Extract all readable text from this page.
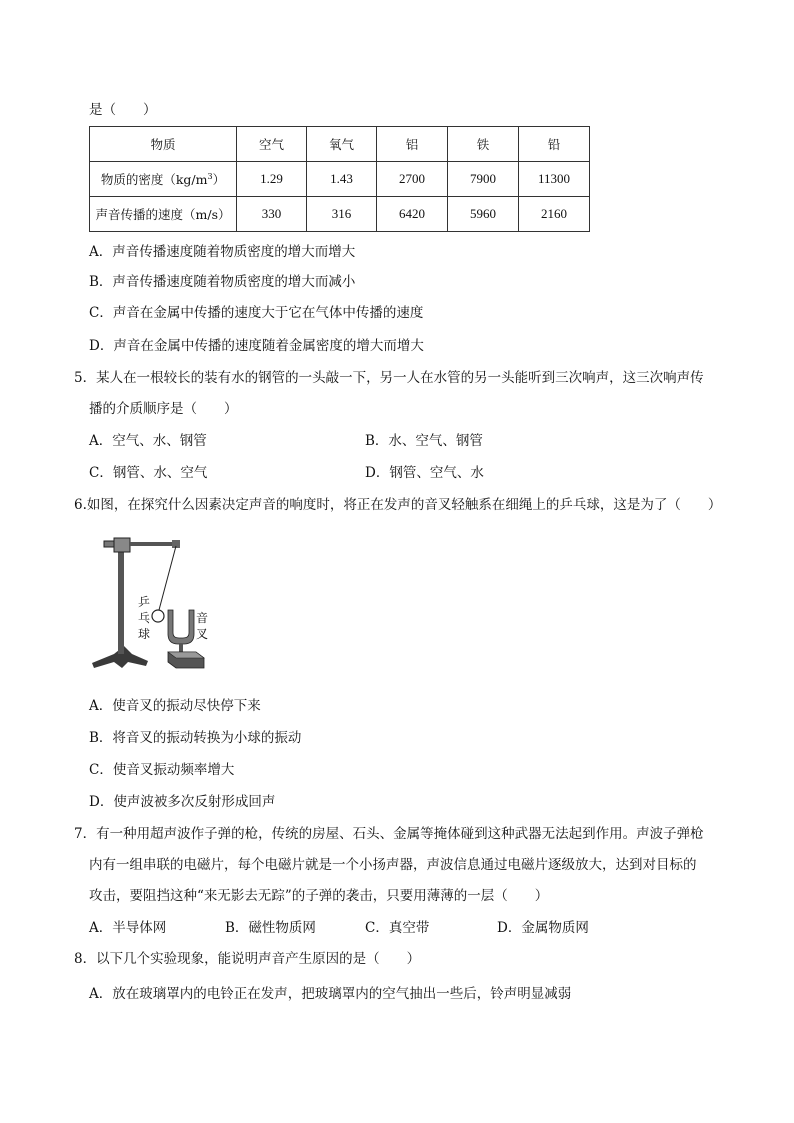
是（　　）
物质	空气	氧气	铝	铁	铅
物质的密度$(kg/m^3)$	1.29	1.43	2700	7900	11300
声音传播的速度（m/s）	330	316	6420	5960	2160
A．声音传播速度随着物质密度的增大而增大
B．声音传播速度随着物质密度的增大而减小
C．声音在金属中传播的速度大于它在气体中传播的速度
D．声音在金属中传播的速度随着金属密度的增大而增大
5．某人在一根较长的装有水的钢管的一头敲一下，另一人在水管的另一头能听到三次响声，这三次响声传
播的介质顺序是（　　）
A．空气、水、钢管	B．水、空气、钢管
C．钢管、水、空气	D．钢管、空气、水
6.如图，在探究什么因素决定声音的响度时，将正在发声的音叉轻触系在细绳上的乒乓球，这是为了（　　）
乒
乓
球
音
叉
A．使音叉的振动尽快停下来
B．将音叉的振动转换为小球的振动
C．使音叉振动频率增大
D．使声波被多次反射形成回声
7．有一种用超声波作子弹的枪，传统的房屋、石头、金属等掩体碰到这种武器无法起到作用。声波子弹枪
内有一组串联的电磁片，每个电磁片就是一个小扬声器，声波信息通过电磁片逐级放大，达到对目标的
攻击，要阻挡这种“来无影去无踪”的子弹的袭击，只要用薄薄的一层（　　）
A．半导体网	B．磁性物质网	C．真空带	D．金属物质网
8．以下几个实验现象，能说明声音产生原因的是（　　）
A．放在玻璃罩内的电铃正在发声，把玻璃罩内的空气抽出一些后，铃声明显减弱
